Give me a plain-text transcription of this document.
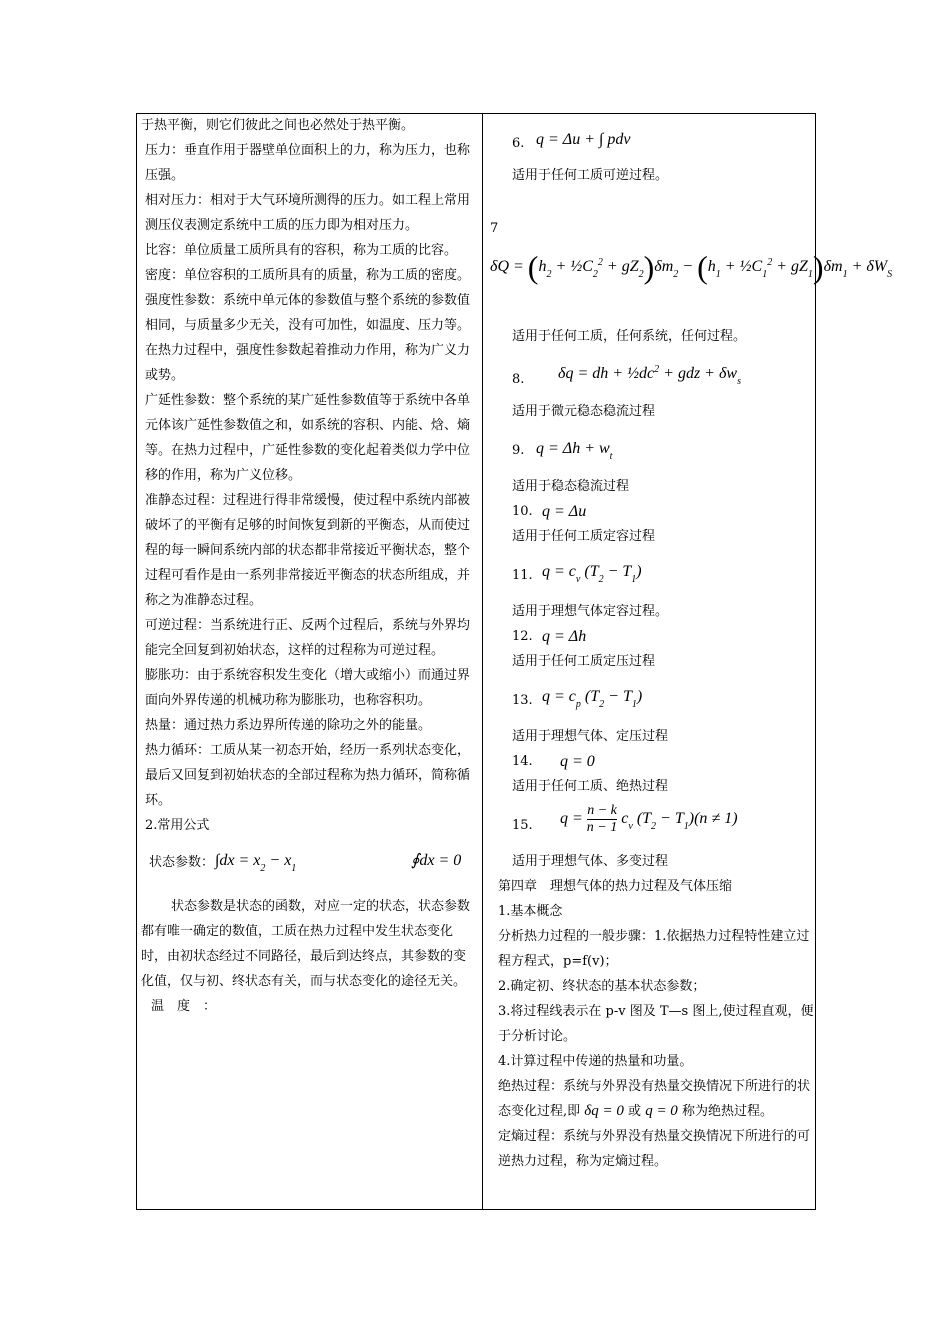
于热平衡，则它们彼此之间也必然处于热平衡。

压力：垂直作用于器壁单位面积上的力，称为压力，也称压强。

相对压力：相对于大气环境所测得的压力。如工程上常用测压仪表测定系统中工质的压力即为相对压力。

比容：单位质量工质所具有的容积，称为工质的比容。

密度：单位容积的工质所具有的质量，称为工质的密度。

强度性参数：系统中单元体的参数值与整个系统的参数值相同，与质量多少无关，没有可加性，如温度、压力等。在热力过程中，强度性参数起着推动力作用，称为广义力或势。

广延性参数：整个系统的某广延性参数值等于系统中各单元体该广延性参数值之和，如系统的容积、内能、焓、熵等。在热力过程中，广延性参数的变化起着类似力学中位移的作用，称为广义位移。

准静态过程：过程进行得非常缓慢，使过程中系统内部被破坏了的平衡有足够的时间恢复到新的平衡态，从而使过程的每一瞬间系统内部的状态都非常接近平衡状态，整个过程可看作是由一系列非常接近平衡态的状态所组成，并称之为准静态过程。

可逆过程：当系统进行正、反两个过程后，系统与外界均能完全回复到初始状态，这样的过程称为可逆过程。

膨胀功：由于系统容积发生变化（增大或缩小）而通过界面向外界传递的机械功称为膨胀功，也称容积功。

热量：通过热力系边界所传递的除功之外的能量。

热力循环：工质从某一初态开始，经历一系列状态变化，最后又回复到初始状态的全部过程称为热力循环，简称循环。

2.常用公式

状态参数： $\int dx = x_2 - x_1$	∮dx = 0

状态参数是状态的函数，对应一定的状态，状态参数都有唯一确定的数值，工质在热力过程中发生状态变化时，由初状态经过不同路径，最后到达终点，其参数的变化值，仅与初、终状态有关，而与状态变化的途径无关。

温　度　：

6. q = Δu + ∫ pdv

适用于任何工质可逆过程。

7
$\delta Q = (h_2$ + $\frac{1}{2}C_2^2 + gZ_2)\delta m_2 - (h_1$ + $\frac{1}{2}C_1^2 + gZ_1)\delta m_1 + \delta W_S$

适用于任何工质，任何系统，任何过程。

8. δq = dh + $\frac{1}{2}dc^2$ + gdz + $\delta w_s$

适用于微元稳态稳流过程

9. $q = \Delta h + w_t$

适用于稳态稳流过程

10. q = Δu

适用于任何工质定容过程

11. $q = c_v$ $(T_2 - T_1)$

适用于理想气体定容过程。

12. q = Δh

适用于任何工质定压过程

13. $q = c_p$ $(T_2 - T_1)$

适用于理想气体、定压过程

14. q = 0

适用于任何工质、绝热过程

15. $q = \frac{n - k}{n - 1} c_v$ $(T_2 - T_1)(n \ne 1)$

适用于理想气体、多变过程

第四章　理想气体的热力过程及气体压缩

1.基本概念

分析热力过程的一般步骤：1.依据热力过程特性建立过程方程式，p=f(v)；

2.确定初、终状态的基本状态参数；

3.将过程线表示在 p-v 图及 T—s 图上,使过程直观，便于分析讨论。

4.计算过程中传递的热量和功量。

绝热过程：系统与外界没有热量交换情况下所进行的状态变化过程,即 δq = 0 或 q = 0 称为绝热过程。

定熵过程：系统与外界没有热量交换情况下所进行的可逆热力过程，称为定熵过程。
